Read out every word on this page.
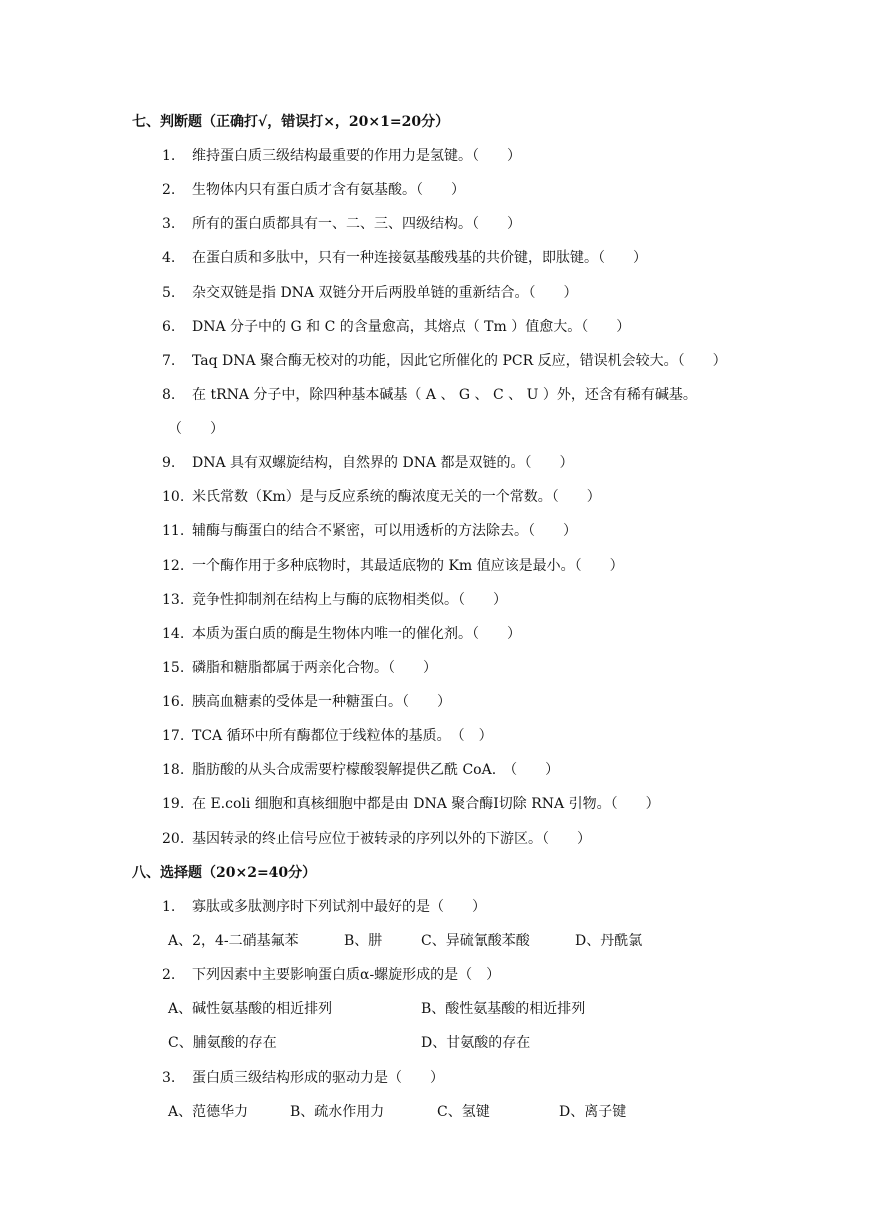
七、判断题（正确打√，错误打×，20×1=20分）
1. 维持蛋白质三级结构最重要的作用力是氢键。（　　）
2. 生物体内只有蛋白质才含有氨基酸。（　　）
3. 所有的蛋白质都具有一、二、三、四级结构。（　　）
4. 在蛋白质和多肽中，只有一种连接氨基酸残基的共价键，即肽键。（　　）
5. 杂交双链是指 DNA 双链分开后两股单链的重新结合。（　　）
6. DNA 分子中的 G 和 C 的含量愈高，其熔点（ Tm ）值愈大。（　　）
7. Taq DNA 聚合酶无校对的功能，因此它所催化的 PCR 反应，错误机会较大。（　　）
8. 在 tRNA 分子中，除四种基本碱基（ A 、 G 、 C 、 U ）外，还含有稀有碱基。
（　　）
9. DNA 具有双螺旋结构，自然界的 DNA 都是双链的。（　　）
10. 米氏常数（Km）是与反应系统的酶浓度无关的一个常数。（　　）
11. 辅酶与酶蛋白的结合不紧密，可以用透析的方法除去。（　　）
12. 一个酶作用于多种底物时，其最适底物的 Km 值应该是最小。（　　）
13. 竞争性抑制剂在结构上与酶的底物相类似。（　　）
14. 本质为蛋白质的酶是生物体内唯一的催化剂。（　　）
15. 磷脂和糖脂都属于两亲化合物。（　　）
16. 胰高血糖素的受体是一种糖蛋白。（　　）
17. TCA 循环中所有酶都位于线粒体的基质。　（　）
18. 脂肪酸的从头合成需要柠檬酸裂解提供乙酰 CoA.　（　　）
19. 在 E.coli 细胞和真核细胞中都是由 DNA 聚合酶Ⅰ切除 RNA 引物。（　　）
20. 基因转录的终止信号应位于被转录的序列以外的下游区。（　　）
八、选择题（20×2=40分）
1. 寡肽或多肽测序时下列试剂中最好的是（　　）
A、2，4-二硝基氟苯	B、肼	C、异硫氰酸苯酸	D、丹酰氯
2. 下列因素中主要影响蛋白质α-螺旋形成的是（　）
A、碱性氨基酸的相近排列	B、酸性氨基酸的相近排列
C、脯氨酸的存在	D、甘氨酸的存在
3. 蛋白质三级结构形成的驱动力是（　　）
A、范德华力	B、疏水作用力	C、氢键	D、离子键
